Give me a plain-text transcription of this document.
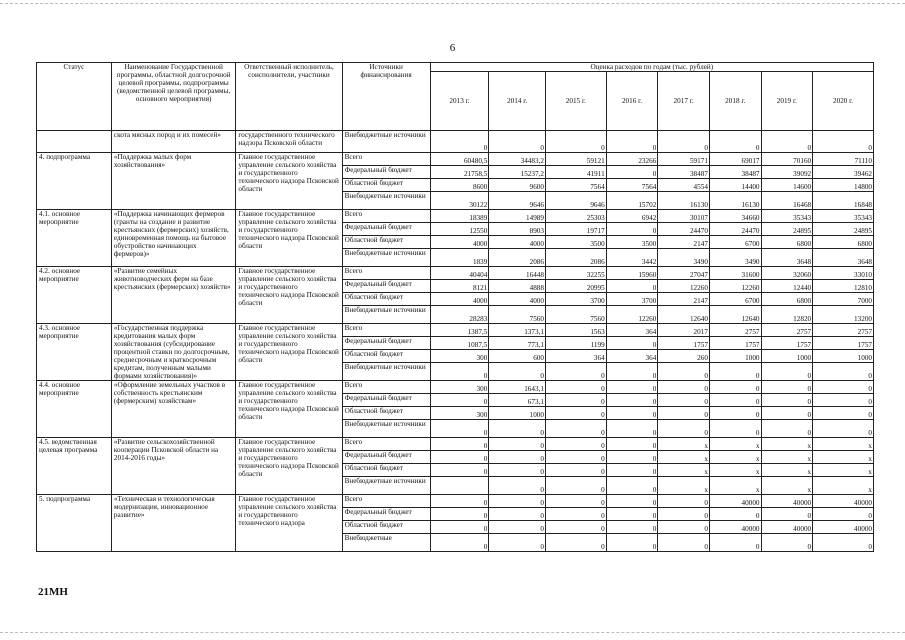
6
Статус	Наименование Государственной программы, областной долгосрочной целевой программы, подпрограммы (ведомственной целевой программы, основного мероприятия)	Ответственный исполнитель, соисполнители, участники	Источники финансирования	Оценка расходов по годам (тыс. рублей)							
				2013 г.	2014 г.	2015 г.	2016 г.	2017 г.	2018 г.	2019 г.	2020 г.
	скота мясных пород и их помесей»	государственного технического надзора Псковской области	Внебюджетные источники	0	0	0	0	0	0	0	0
4. подпрограмма	«Поддержка малых форм хозяйствования»	Главное государственное управление сельского хозяйства и государственного технического надзора Псковской области	Всего	60480,5	34483,2	59121	23266	59171	69017	70160	71110
			Федеральный бюджет	21758,5	15237,2	41911	0	38487	38487	39092	39462
			Областной бюджет	8600	9600	7564	7564	4554	14400	14600	14800
			Внебюджетные источники	30122	9646	9646	15702	16130	16130	16468	16848
4.1. основное мероприятие	«Поддержка начинающих фермеров (гранты на создание и развитие крестьянских (фермерских) хозяйств, единовременная помощь на бытовое обустройство начинающих фермеров)»	Главное государственное управление сельского хозяйства и государственного технического надзора Псковской области	Всего	18389	14989	25303	6942	30107	34660	35343	35343
			Федеральный бюджет	12550	8903	19717	0	24470	24470	24895	24895
			Областной бюджет	4000	4000	3500	3500	2147	6700	6800	6800
			Внебюджетные источники	1839	2086	2086	3442	3490	3490	3648	3648
4.2. основное мероприятие	«Развитие семейных животноводческих ферм на базе крестьянских (фермерских) хозяйств»	Главное государственное управление сельского хозяйства и государственного технического надзора Псковской области	Всего	40404	16448	32255	15960	27047	31600	32060	33010
			Федеральный бюджет	8121	4888	20995	0	12260	12260	12440	12810
			Областной бюджет	4000	4000	3700	3700	2147	6700	6800	7000
			Внебюджетные источники	28283	7560	7560	12260	12640	12640	12820	13200
4.3. основное мероприятие	«Государственная поддержка кредитования малых форм хозяйствования (субсидирование процентной ставки по долгосрочным, среднесрочным и краткосрочным кредитам, полученным малыми формами хозяйствования)»	Главное государственное управление сельского хозяйства и государственного технического надзора Псковской области	Всего	1387,5	1373,1	1563	364	2017	2757	2757	2757
			Федеральный бюджет	1087,5	773,1	1199	0	1757	1757	1757	1757
			Областной бюджет	300	600	364	364	260	1000	1000	1000
			Внебюджетные источники	0	0	0	0	0	0	0	0
4.4. основное мероприятие	«Оформление земельных участков в собственность крестьянским (фермерским) хозяйствам»	Главное государственное управление сельского хозяйства и государственного технического надзора Псковской области	Всего	300	1643,1	0	0	0	0	0	0
			Федеральный бюджет	0	673,1	0	0	0	0	0	0
			Областной бюджет	300	1000	0	0	0	0	0	0
			Внебюджетные источники	0	0	0	0	0	0	0	0
4.5. ведомственная целевая программа	«Развитие сельскохозяйственной кооперации Псковской области на 2014-2016 годы»	Главное государственное управление сельского хозяйства и государственного технического надзора Псковской области	Всего	0	0	0	0	x	x	x	x
			Федеральный бюджет	0	0	0	0	x	x	x	x
			Областной бюджет	0	0	0	0	x	x	x	x
			Внебюджетные источники		0	0	0	x	x	x	x
5. подпрограмма	«Техническая и технологическая модернизация, инновационное развитие»	Главное государственное управление сельского хозяйства и государственного технического надзора	Всего	0	0	0	0	0	40000	40000	40000
			Федеральный бюджет	0	0	0	0	0	0	0	0
			Областной бюджет	0	0	0	0	0	40000	40000	40000
			Внебюджетные	0	0	0	0	0	0	0	0
21МН
